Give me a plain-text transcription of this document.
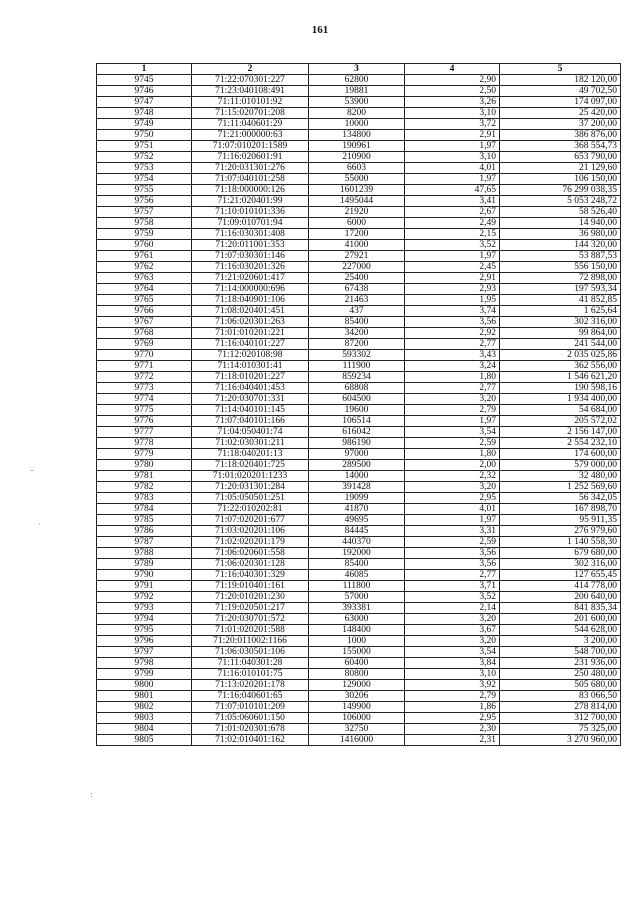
161
–
·
:
1	2	3	4	5
9745	71:22:070301:227	62800	2,90	182 120,00
9746	71:23:040108:491	19881	2,50	49 702,50
9747	71:11:010101:92	53900	3,26	174 097,00
9748	71:15:020701:208	8200	3,10	25 420,00
9749	71:11:040601:29	10000	3,72	37 200,00
9750	71:21:000000:63	134800	2,91	386 876,00
9751	71:07:010201:1589	190961	1,97	368 554,73
9752	71:16:020601:91	210900	3,10	653 790,00
9753	71:20:031301:276	6603	4,01	21 129,60
9754	71:07:040101:258	55000	1,97	106 150,00
9755	71:18:000000:126	1601239	47,65	76 299 038,35
9756	71:21:020401:99	1495044	3,41	5 053 248,72
9757	71:10:010101:336	21920	2,67	58 526,40
9758	71:09:010701:94	6000	2,49	14 940,00
9759	71:16:030301:408	17200	2,15	36 980,00
9760	71:20:011001:353	41000	3,52	144 320,00
9761	71:07:030301:146	27921	1,97	53 887,53
9762	71:16:030201:326	227000	2,45	556 150,00
9763	71:21:020601:417	25400	2,91	72 898,00
9764	71:14:000000:696	67438	2,93	197 593,34
9765	71:18:040901:106	21463	1,95	41 852,85
9766	71:08:020401:451	437	3,74	1 625,64
9767	71:06:020301:263	85400	3,56	302 316,00
9768	71:01:010201:221	34200	2,92	99 864,00
9769	71:16:040101:227	87200	2,77	241 544,00
9770	71:12:020108:98	593302	3,43	2 035 025,86
9771	71:14:010301:41	111900	3,24	362 556,00
9772	71:18:010201:227	859234	1,80	1 546 621,20
9773	71:16:040401:453	68808	2,77	190 598,16
9774	71:20:030701:331	604500	3,20	1 934 400,00
9775	71:14:040101:145	19600	2,79	54 684,00
9776	71:07:040101:166	106514	1,97	205 572,02
9777	71:04:050401:74	616042	3,54	2 156 147,00
9778	71:02:030301:211	986190	2,59	2 554 232,10
9779	71:18:040201:13	97000	1,80	174 600,00
9780	71:18:020401:725	289500	2,00	579 000,00
9781	71:01:020201:1233	14000	2,32	32 480,00
9782	71:20:031301:284	391428	3,20	1 252 569,60
9783	71:05:050501:251	19099	2,95	56 342,05
9784	71:22:010202:81	41870	4,01	167 898,70
9785	71:07:020201:677	49695	1,97	95 911,35
9786	71:03:020201:106	84445	3,31	276 979,60
9787	71:02:020201:179	440370	2,59	1 140 558,30
9788	71:06:020601:558	192000	3,56	679 680,00
9789	71:06:020301:128	85400	3,56	302 316,00
9790	71:16:040301:329	46085	2,77	127 655,45
9791	71:19:010401:161	111800	3,71	414 778,00
9792	71:20:010201:230	57000	3,52	200 640,00
9793	71:19:020501:217	393381	2,14	841 835,34
9794	71:20:030701:572	63000	3,20	201 600,00
9795	71:01:020201:588	148400	3,67	544 628,00
9796	71:20:011002:1166	1000	3,20	3 200,00
9797	71:06:030501:106	155000	3,54	548 700,00
9798	71:11:040301:28	60400	3,84	231 936,00
9799	71:16:010101:75	80800	3,10	250 480,00
9800	71:13:020201:178	129000	3,92	505 680,00
9801	71:16:040601:65	30206	2,79	83 066,50
9802	71:07:010101:209	149900	1,86	278 814,00
9803	71:05:060601:150	106000	2,95	312 700,00
9804	71:01:020301:678	32750	2,30	75 325,00
9805	71:02:010401:162	1416000	2,31	3 270 960,00
